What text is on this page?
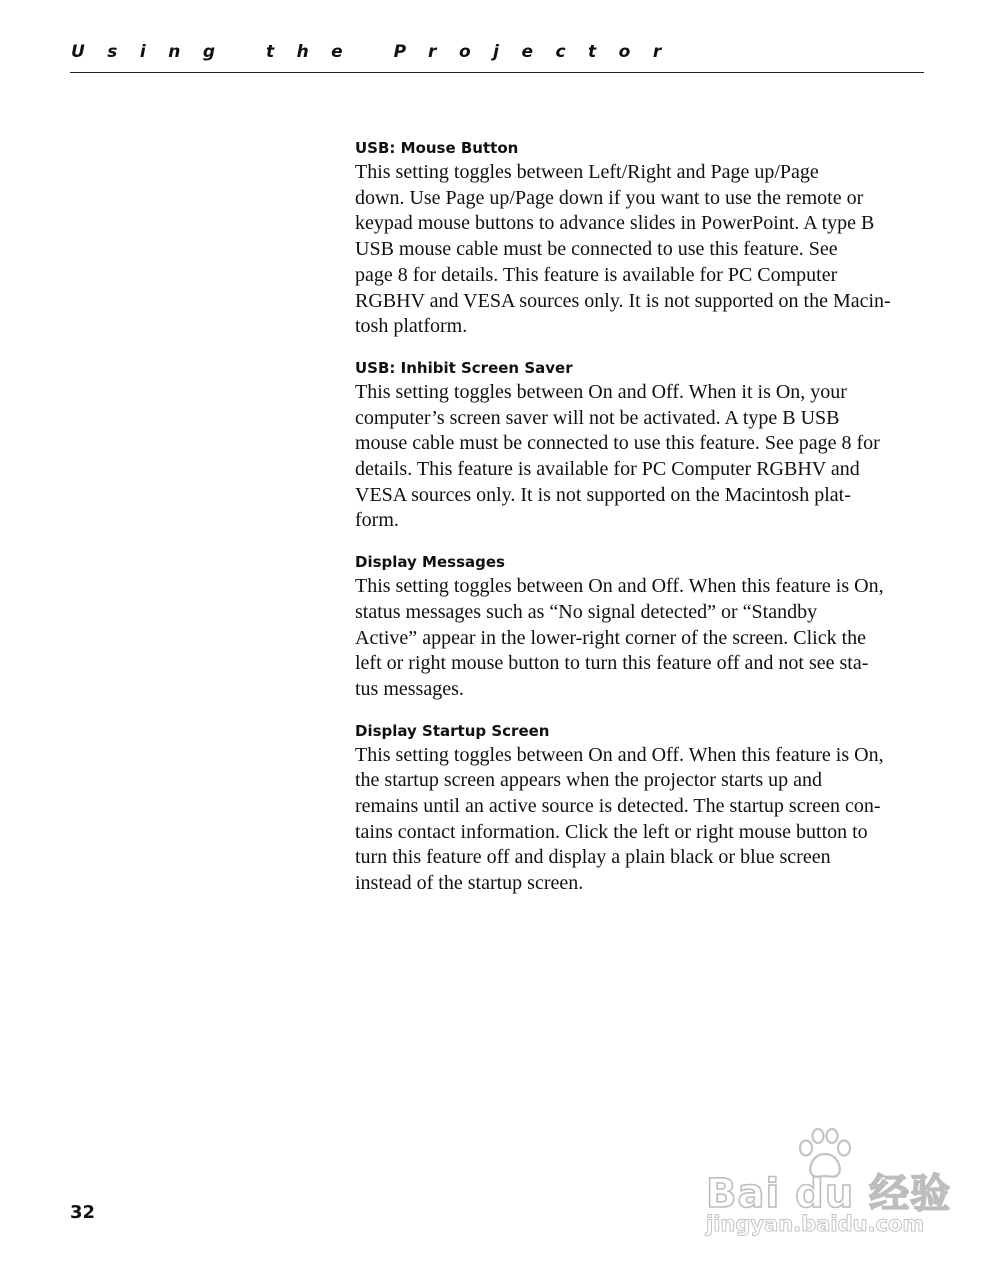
Using the Projector
USB: Mouse Button

This setting toggles between Left/Right and Page up/Page
down. Use Page up/Page down if you want to use the remote or
keypad mouse buttons to advance slides in PowerPoint. A type B
USB mouse cable must be connected to use this feature. See
page 8 for details. This feature is available for PC Computer
RGBHV and VESA sources only. It is not supported on the Macin-
tosh platform.

USB: Inhibit Screen Saver

This setting toggles between On and Off. When it is On, your
computer’s screen saver will not be activated. A type B USB
mouse cable must be connected to use this feature. See page 8 for
details. This feature is available for PC Computer RGBHV and
VESA sources only. It is not supported on the Macintosh plat-
form.

Display Messages

This setting toggles between On and Off. When this feature is On,
status messages such as “No signal detected” or “Standby
Active” appear in the lower-right corner of the screen. Click the
left or right mouse button to turn this feature off and not see sta-
tus messages.

Display Startup Screen

This setting toggles between On and Off. When this feature is On,
the startup screen appears when the projector starts up and
remains until an active source is detected. The startup screen con-
tains contact information. Click the left or right mouse button to
turn this feature off and display a plain black or blue screen
instead of the startup screen.

32	Bai du 经验
jingyan.baidu.com
